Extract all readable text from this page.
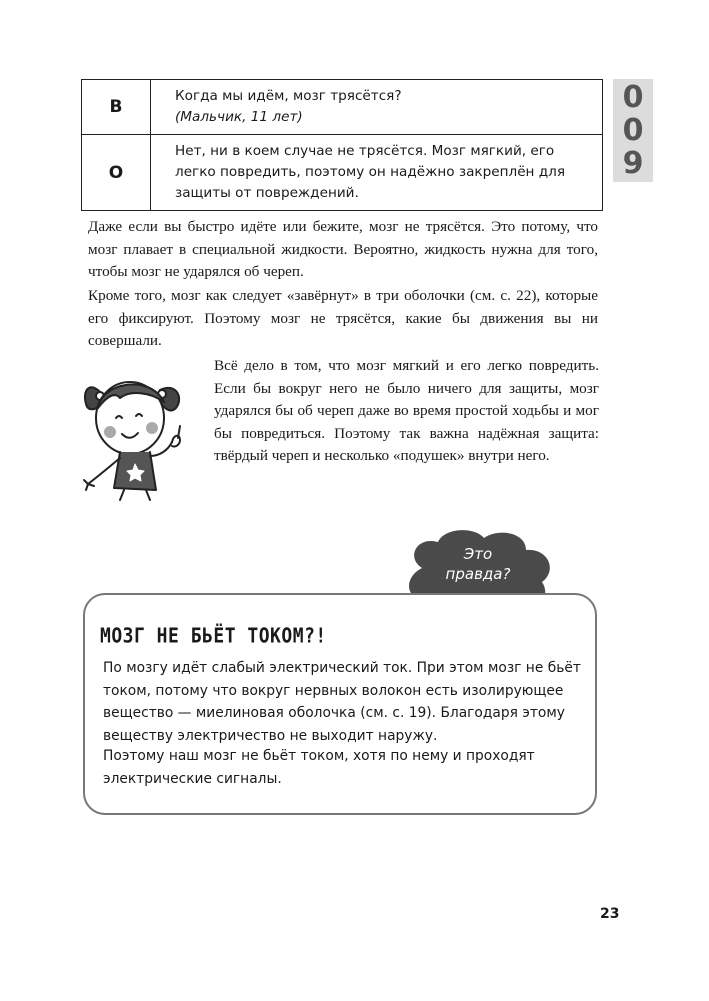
В	Когда мы идём, мозг трясётся?
(Мальчик, 11 лет)

О	Нет, ни в коем случае не трясётся. Мозг мягкий, его легко повредить, поэтому он надёжно закреплён для защиты от повреждений.
0
0
9

Даже если вы быстро идёте или бежите, мозг не трясётся. Это потому, что мозг плавает в специальной жидкости. Вероятно, жидкость нужна для того, чтобы мозг не ударялся об череп.

Кроме того, мозг как следует «завёрнут» в три оболочки (см. с. 22), которые его фиксируют. Поэтому мозг не трясётся, какие бы движения вы ни совершали.

Всё дело в том, что мозг мягкий и его легко повредить. Если бы вокруг него не было ничего для защиты, мозг ударялся бы об череп даже во время простой ходьбы и мог бы повредиться. Поэтому так важна надёжная защита: твёрдый череп и несколько «подушек» внутри него.

Это
правда?
МОЗГ НЕ БЬЁТ ТОКОМ?!

По мозгу идёт слабый электрический ток. При этом мозг не бьёт током, потому что вокруг нервных волокон есть изолирующее вещество — миелиновая оболочка (см. с. 19). Благодаря этому веществу электричество не выходит наружу.

Поэтому наш мозг не бьёт током, хотя по нему и проходят электрические сигналы.

23
